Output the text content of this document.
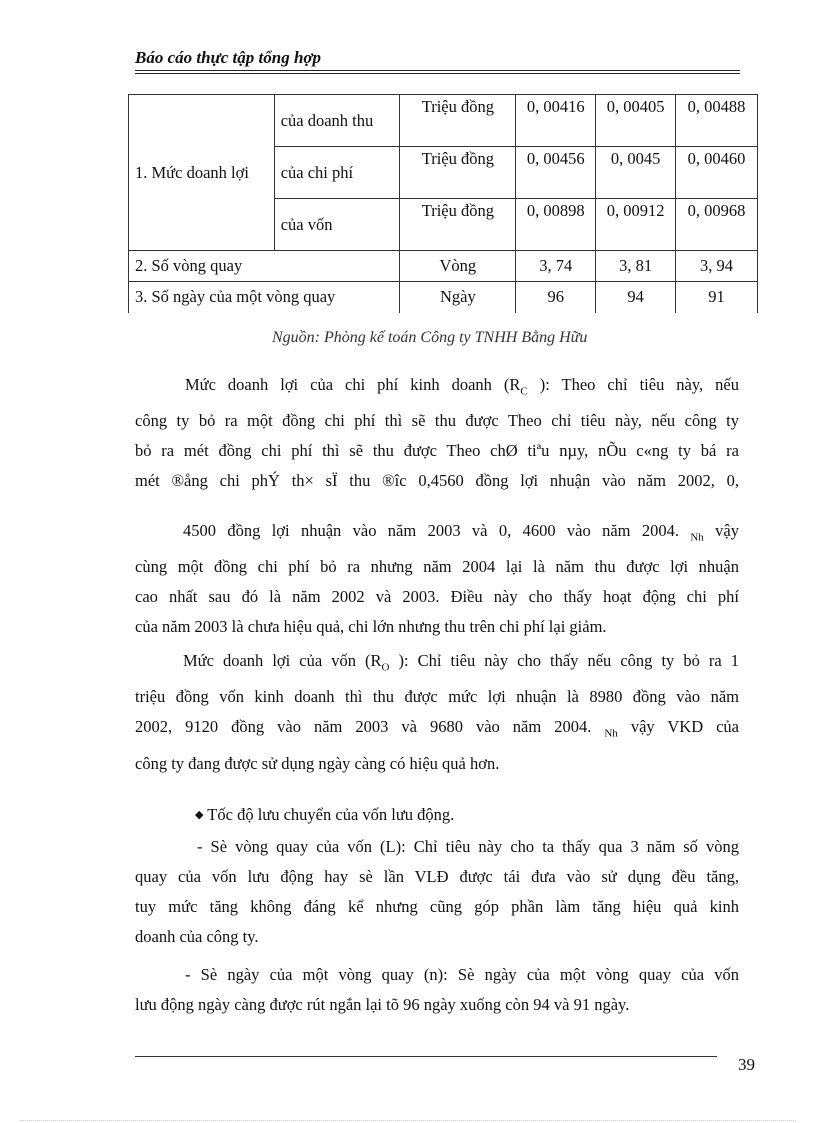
Báo cáo thực tập tổng hợp
1. Mức doanh lợi	của doanh thu	Triệu đồng	0, 00416	0, 00405	0, 00488
	của chi phí	Triệu đồng	0, 00456	0, 0045	0, 00460
	của vốn	Triệu đồng	0, 00898	0, 00912	0, 00968
2. Số vòng quay		Vòng	3, 74	3, 81	3, 94
3. Số ngày của một vòng quay		Ngày	96	94	91
Nguồn: Phòng kế toán Công ty TNHH Bằng Hữu
Mức doanh lợi của chi phí kinh doanh ($R_C$ ): Theo chỉ tiêu này, nếu
công ty bỏ ra một đồng chi phí thì sẽ thu được Theo chỉ tiêu này, nếu công ty
bỏ ra mét đồng chi phí thì sẽ thu được Theo chØ tiªu nµy, nÕu c«ng ty bá ra
mét ®ång chi phÝ th× sÏ thu ®îc 0,4560 đồng lợi nhuận vào năm 2002, 0,
4500 đồng lợi nhuận vào năm 2003 và 0, 4600 vào năm 2004. $_{Nh}$ vậy
cùng một đồng chi phí bỏ ra nhưng năm 2004 lại là năm thu được lợi nhuận
cao nhất sau đó là năm 2002 và 2003. Điều này cho thấy hoạt động chi phí
của năm 2003 là chưa hiệu quả, chi lớn nhưng thu trên chi phí lại giảm.
Mức doanh lợi của vốn ($R_O$ ): Chỉ tiêu này cho thấy nếu công ty bỏ ra 1
triệu đồng vốn kinh doanh thì thu được mức lợi nhuận là 8980 đồng vào năm
2002, 9120 đồng vào năm 2003 và 9680 vào năm 2004. $_{Nh}$ vậy VKD của
công ty đang được sử dụng ngày càng có hiệu quả hơn.
◆ Tốc độ lưu chuyển của vốn lưu động.
- Sè vòng quay của vốn (L): Chỉ tiêu này cho ta thấy qua 3 năm số vòng
quay của vốn lưu động hay sè lần VLĐ được tái đưa vào sử dụng đều tăng,
tuy mức tăng không đáng kể nhưng cũng góp phần làm tăng hiệu quả kinh
doanh của công ty.
- Sè ngày của một vòng quay (n): Sè ngày của một vòng quay của vốn
lưu động ngày càng được rút ngắn lại tõ 96 ngày xuống còn 94 và 91 ngày.
39
